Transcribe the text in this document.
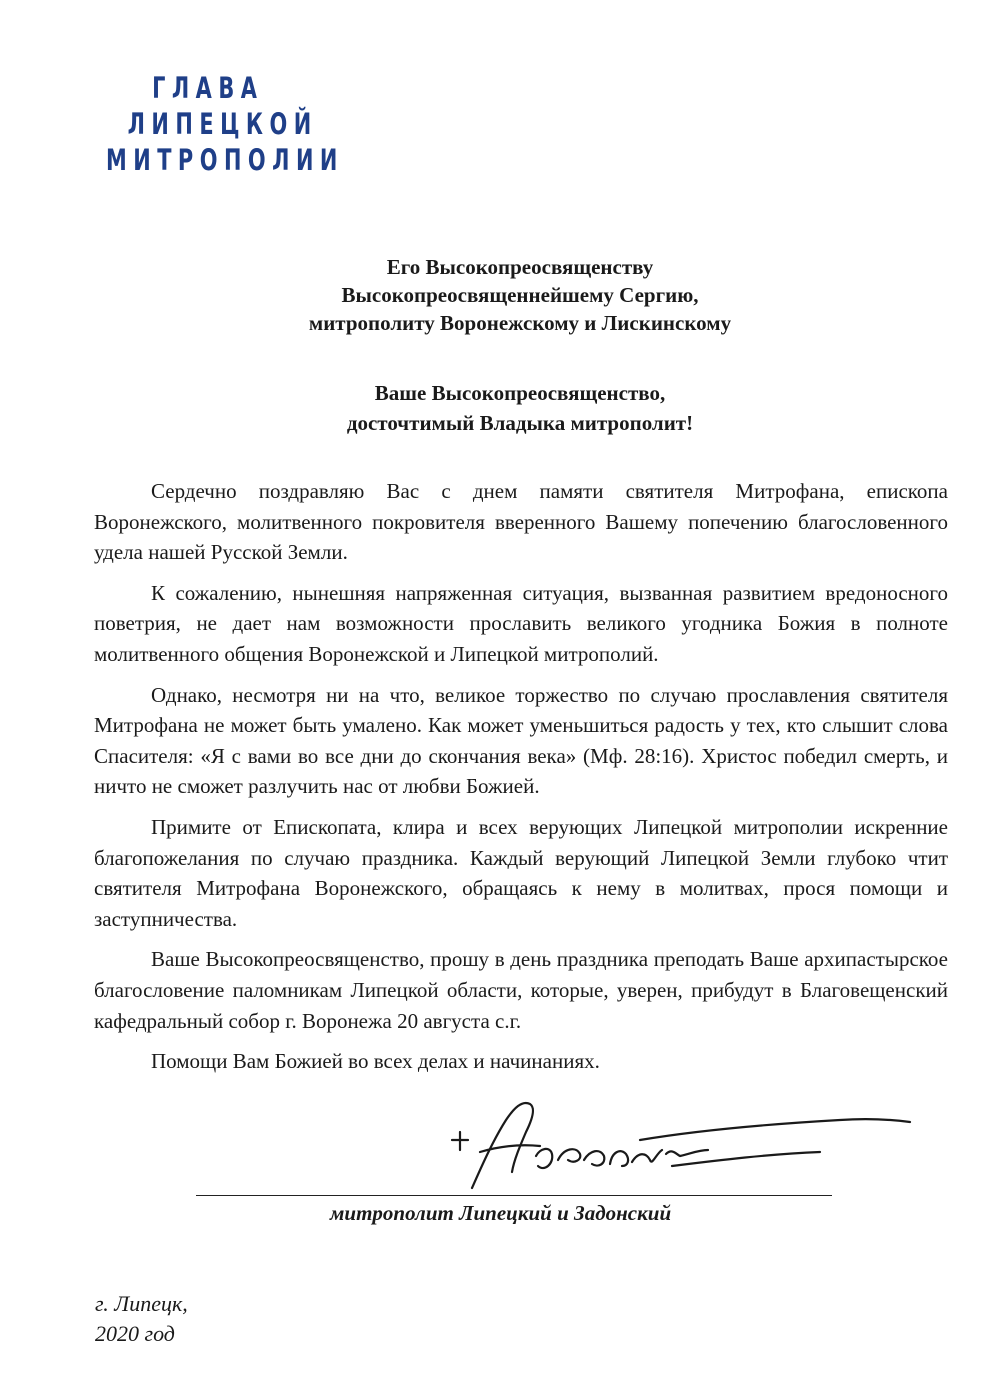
ГЛАВА
ЛИПЕЦКОЙ
МИТРОПОЛИИ
Его Высокопреосвященству
Высокопреосвященнейшему Сергию,
митрополиту Воронежскому и Лискинскому
Ваше Высокопреосвященство,
досточтимый Владыка митрополит!

Сердечно поздравляю Вас с днем памяти святителя Митрофана, епископа Воронежского, молитвенного покровителя вверенного Вашему попечению благословенного удела нашей Русской Земли.

К сожалению, нынешняя напряженная ситуация, вызванная развитием вредоносного поветрия, не дает нам возможности прославить великого угодника Божия в полноте молитвенного общения Воронежской и Липецкой митрополий.

Однако, несмотря ни на что, великое торжество по случаю прославления святителя Митрофана не может быть умалено. Как может уменьшиться радость у тех, кто слышит слова Спасителя: «Я с вами во все дни до скончания века» (Мф. 28:16). Христос победил смерть, и ничто не сможет разлучить нас от любви Божией.

Примите от Епископата, клира и всех верующих Липецкой митрополии искренние благопожелания по случаю праздника. Каждый верующий Липецкой Земли глубоко чтит святителя Митрофана Воронежского, обращаясь к нему в молитвах, прося помощи и заступничества.

Ваше Высокопреосвященство, прошу в день праздника преподать Ваше архипастырское благословение паломникам Липецкой области, которые, уверен, прибудут в Благовещенский кафедральный собор г. Воронежа 20 августа с.г.

Помощи Вам Божией во всех делах и начинаниях.

митрополит Липецкий и Задонский
г. Липецк,
2020 год
